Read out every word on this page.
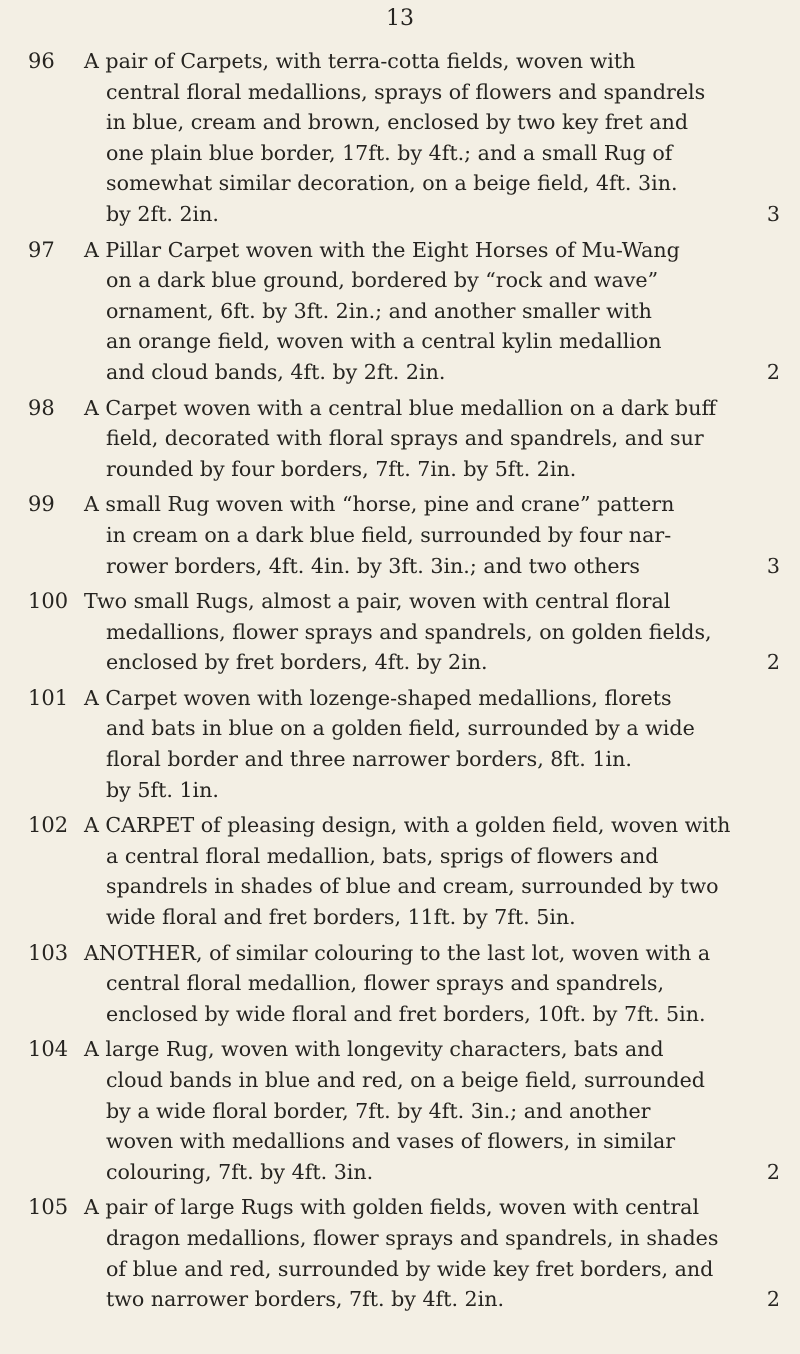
13
96	A pair of Carpets, with terra-cotta fields, woven with
central floral medallions, sprays of flowers and spandrels
in blue, cream and brown, enclosed by two key fret and
one plain blue border, 17ft. by 4ft.; and a small Rug of
somewhat similar decoration, on a beige field, 4ft. 3in.
by 2ft. 2in.	3
97	A Pillar Carpet woven with the Eight Horses of Mu-Wang
on a dark blue ground, bordered by “rock and wave”
ornament, 6ft. by 3ft. 2in.; and another smaller with
an orange field, woven with a central kylin medallion
and cloud bands, 4ft. by 2ft. 2in.	2
98	A Carpet woven with a central blue medallion on a dark buff
field, decorated with floral sprays and spandrels, and sur
rounded by four borders, 7ft. 7in. by 5ft. 2in.
99	A small Rug woven with “horse, pine and crane” pattern
in cream on a dark blue field, surrounded by four nar-
rower borders, 4ft. 4in. by 3ft. 3in.; and two others	3
100 Two small Rugs, almost a pair, woven with central floral
medallions, flower sprays and spandrels, on golden fields,
enclosed by fret borders, 4ft. by 2in.	2
101 A Carpet woven with lozenge-shaped medallions, florets
and bats in blue on a golden field, surrounded by a wide
floral border and three narrower borders, 8ft. 1in.
by 5ft. 1in.
102 A CARPET of pleasing design, with a golden field, woven with
a central floral medallion, bats, sprigs of flowers and
spandrels in shades of blue and cream, surrounded by two
wide floral and fret borders, 11ft. by 7ft. 5in.
103 ANOTHER, of similar colouring to the last lot, woven with a
central floral medallion, flower sprays and spandrels,
enclosed by wide floral and fret borders, 10ft. by 7ft. 5in.
104 A large Rug, woven with longevity characters, bats and
cloud bands in blue and red, on a beige field, surrounded
by a wide floral border, 7ft. by 4ft. 3in.; and another
woven with medallions and vases of flowers, in similar
colouring, 7ft. by 4ft. 3in.	2
105 A pair of large Rugs with golden fields, woven with central
dragon medallions, flower sprays and spandrels, in shades
of blue and red, surrounded by wide key fret borders, and
two narrower borders, 7ft. by 4ft. 2in.	2
